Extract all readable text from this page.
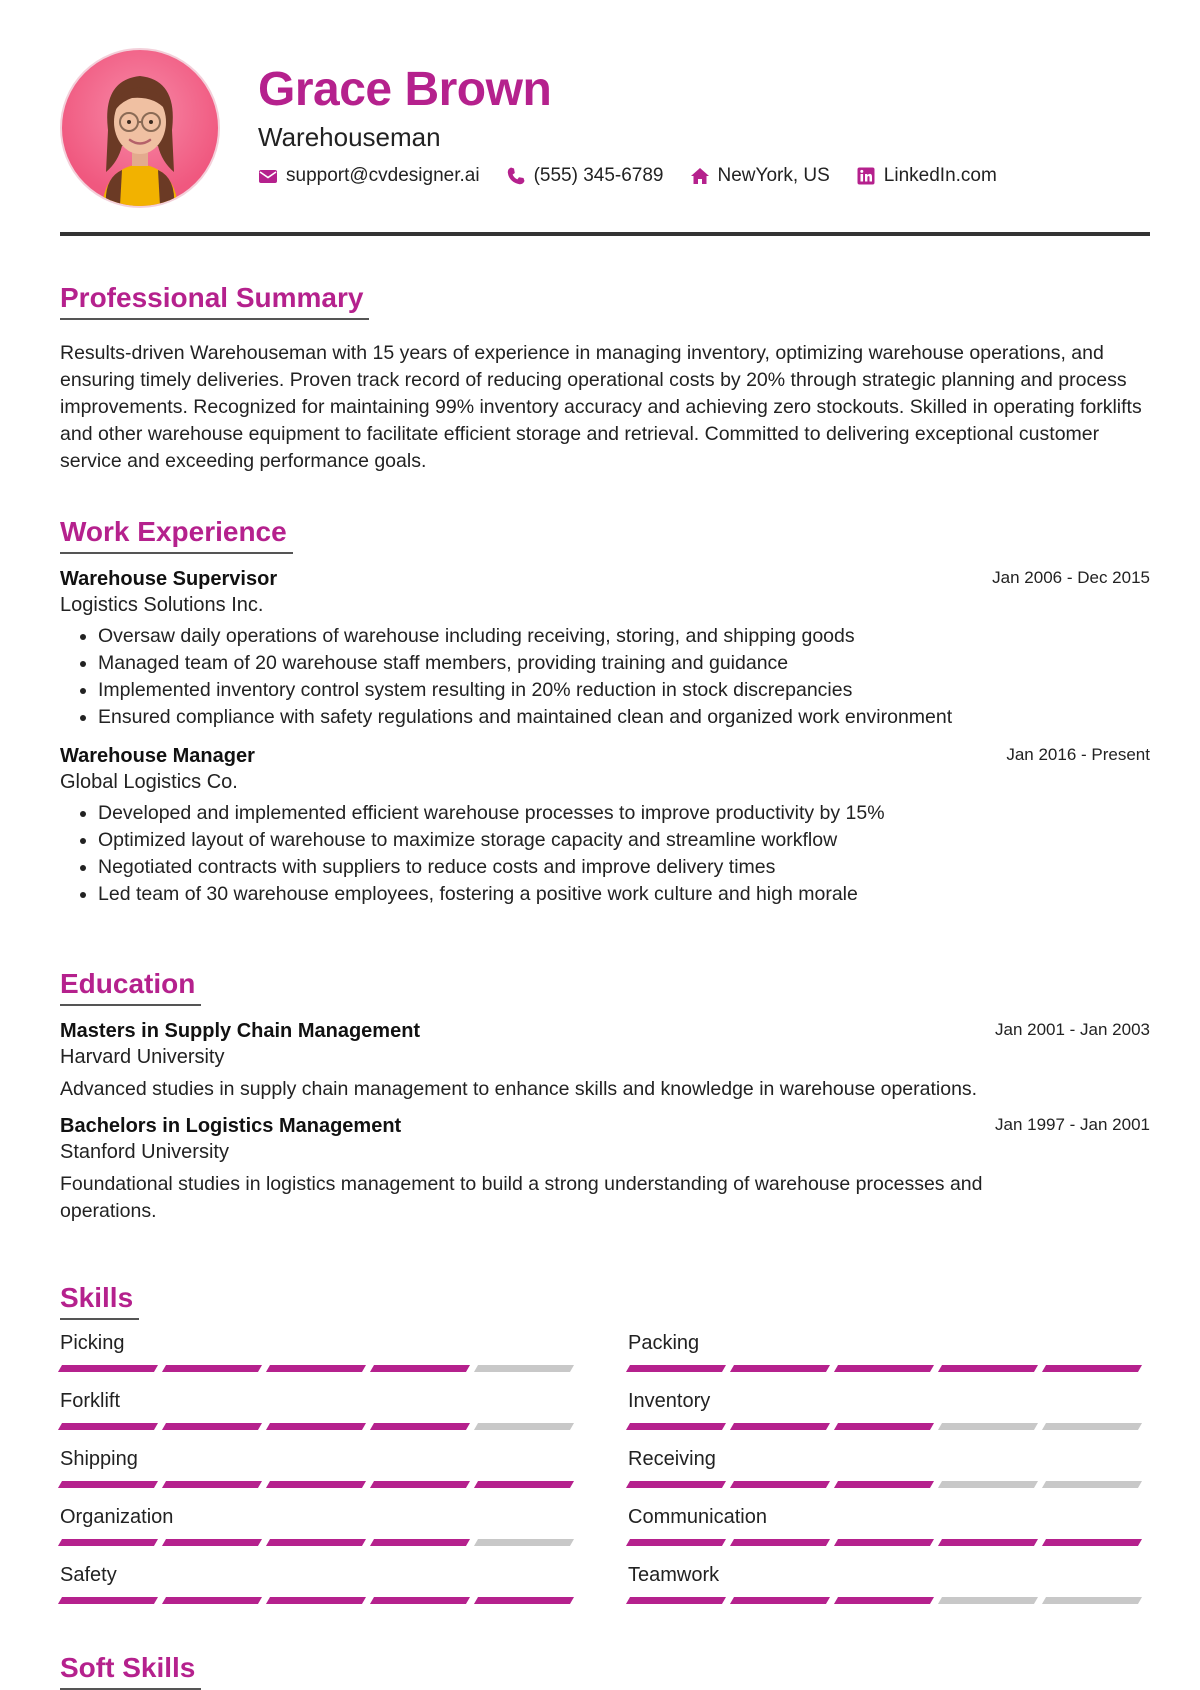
Grace Brown
Warehouseman
support@cvdesigner.ai	(555) 345-6789	NewYork, US	LinkedIn.com
Professional Summary
Results-driven Warehouseman with 15 years of experience in managing inventory, optimizing warehouse operations, and ensuring timely deliveries. Proven track record of reducing operational costs by 20% through strategic planning and process improvements. Recognized for maintaining 99% inventory accuracy and achieving zero stockouts. Skilled in operating forklifts and other warehouse equipment to facilitate efficient storage and retrieval. Committed to delivering exceptional customer service and exceeding performance goals.
Work Experience
Warehouse Supervisor	Jan 2006 - Dec 2015
Logistics Solutions Inc.
• Oversaw daily operations of warehouse including receiving, storing, and shipping goods
• Managed team of 20 warehouse staff members, providing training and guidance
• Implemented inventory control system resulting in 20% reduction in stock discrepancies
• Ensured compliance with safety regulations and maintained clean and organized work environment
Warehouse Manager	Jan 2016 - Present
Global Logistics Co.
• Developed and implemented efficient warehouse processes to improve productivity by 15%
• Optimized layout of warehouse to maximize storage capacity and streamline workflow
• Negotiated contracts with suppliers to reduce costs and improve delivery times
• Led team of 30 warehouse employees, fostering a positive work culture and high morale
Education
Masters in Supply Chain Management	Jan 2001 - Jan 2003
Harvard University
Advanced studies in supply chain management to enhance skills and knowledge in warehouse operations.
Bachelors in Logistics Management	Jan 1997 - Jan 2001
Stanford University
Foundational studies in logistics management to build a strong understanding of warehouse processes and operations.
Skills
Picking	Packing
Forklift	Inventory
Shipping	Receiving
Organization	Communication
Safety	Teamwork
Soft Skills
